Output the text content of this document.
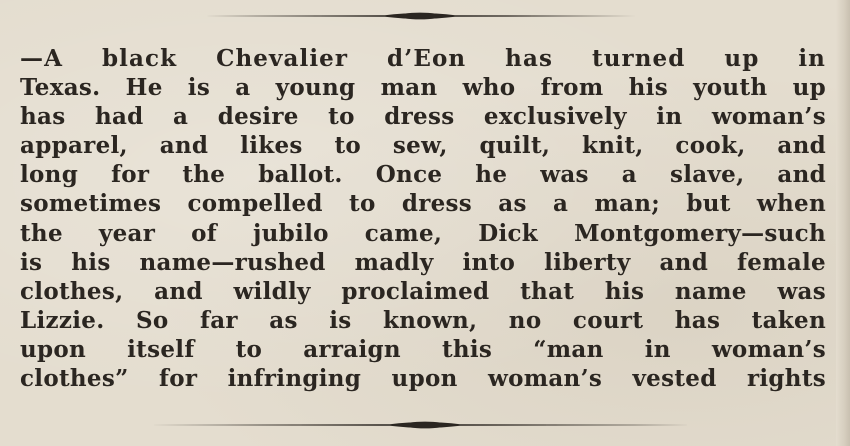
—A black Chevalier d’Eon has turned up in
Texas. He is a young man who from his youth up
has had a desire to dress exclusively in woman’s
apparel, and likes to sew, quilt, knit, cook, and
long for the ballot. Once he was a slave, and
sometimes compelled to dress as a man; but when
the year of jubilo came, Dick Montgomery—such
is his name—rushed madly into liberty and female
clothes, and wildly proclaimed that his name was
Lizzie. So far as is known, no court has taken
upon itself to arraign this “man in woman’s
clothes” for infringing upon woman’s vested rights
